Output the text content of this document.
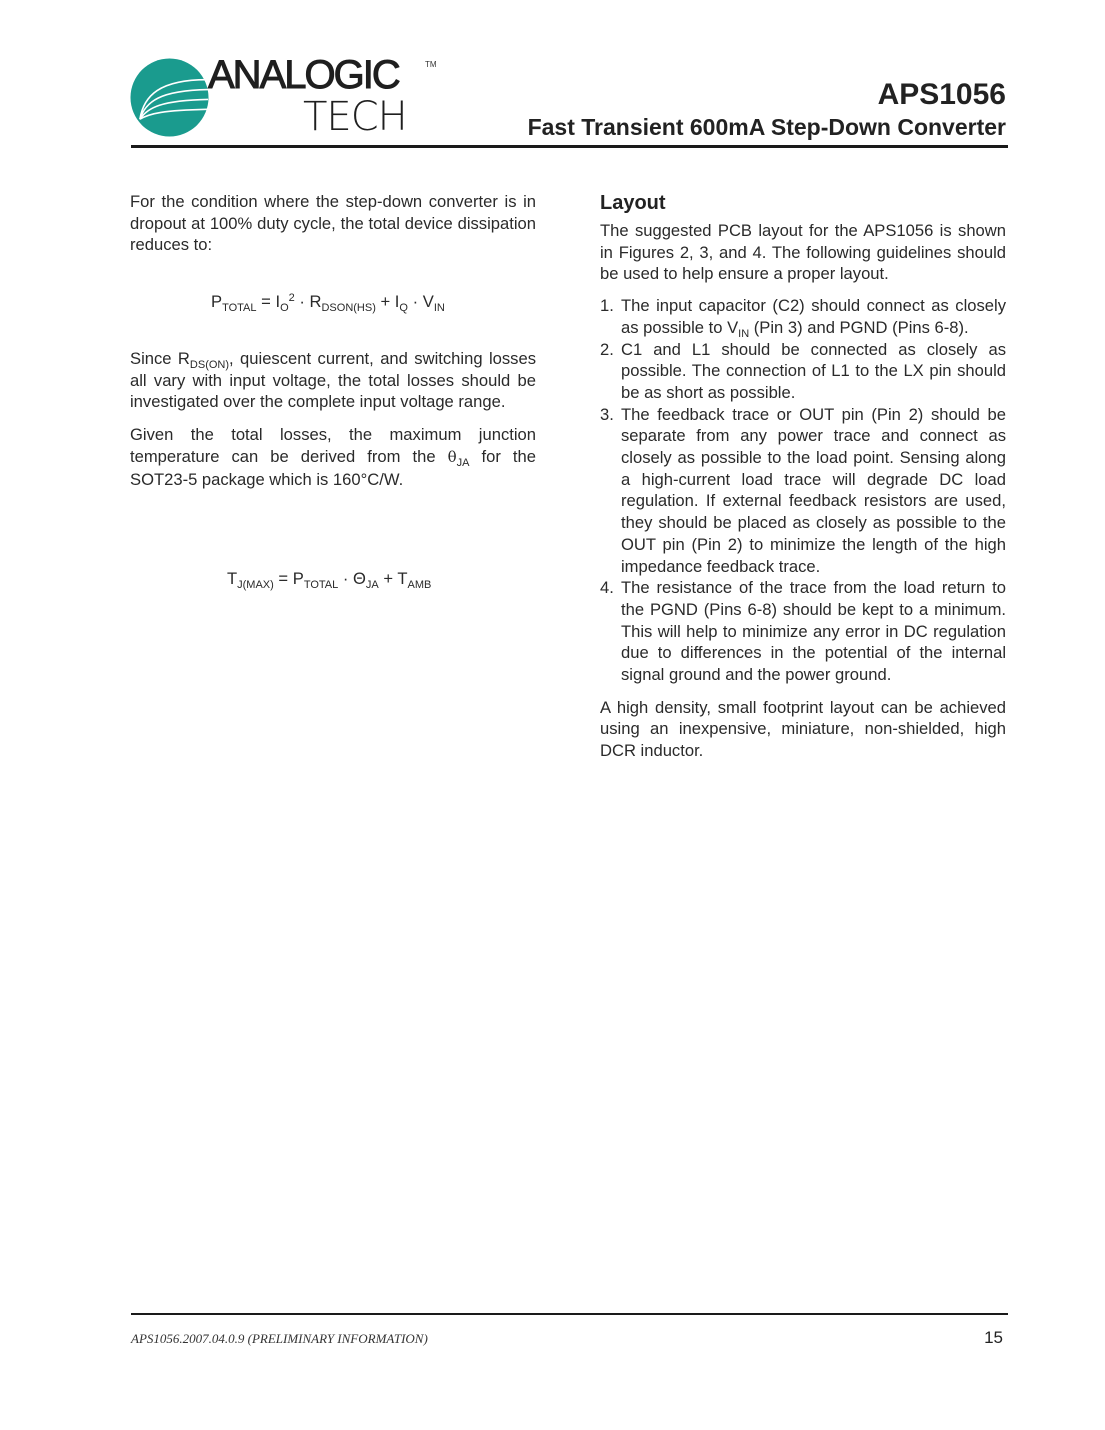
ANALOGIC	TM
TECH	APS1056
Fast Transient 600mA Step-Down Converter

For the condition where the step-down converter is in dropout at 100% duty cycle, the total device dissipation reduces to:

$P_{TOTAL} = I_O^2 \cdot R_{DSON(HS)} + I_Q \cdot V_{IN}$

Since $R_{DS(ON)}$, quiescent current, and switching losses all vary with input voltage, the total losses should be investigated over the complete input voltage range.

Given the total losses, the maximum junction temperature can be derived from the $\theta_{JA}$ for the SOT23-5 package which is 160°C/W.

$T_{J(MAX)} = P_{TOTAL} \cdot \Theta_{JA} + T_{AMB}$
Layout

The suggested PCB layout for the APS1056 is shown in Figures 2, 3, and 4. The following guidelines should be used to help ensure a proper layout.

1. The input capacitor (C2) should connect as closely as possible to $V_{IN}$ (Pin 3) and PGND (Pins 6-8).
2. C1 and L1 should be connected as closely as possible. The connection of L1 to the LX pin should be as short as possible.
3. The feedback trace or OUT pin (Pin 2) should be separate from any power trace and connect as closely as possible to the load point. Sensing along a high-current load trace will degrade DC load regulation. If external feedback resistors are used, they should be placed as closely as possible to the OUT pin (Pin 2) to minimize the length of the high impedance feedback trace.
4. The resistance of the trace from the load return to the PGND (Pins 6-8) should be kept to a minimum. This will help to minimize any error in DC regulation due to differences in the potential of the internal signal ground and the power ground.

A high density, small footprint layout can be achieved using an inexpensive, miniature, non-shielded, high DCR inductor.

APS1056.2007.04.0.9 (PRELIMINARY INFORMATION)	15
